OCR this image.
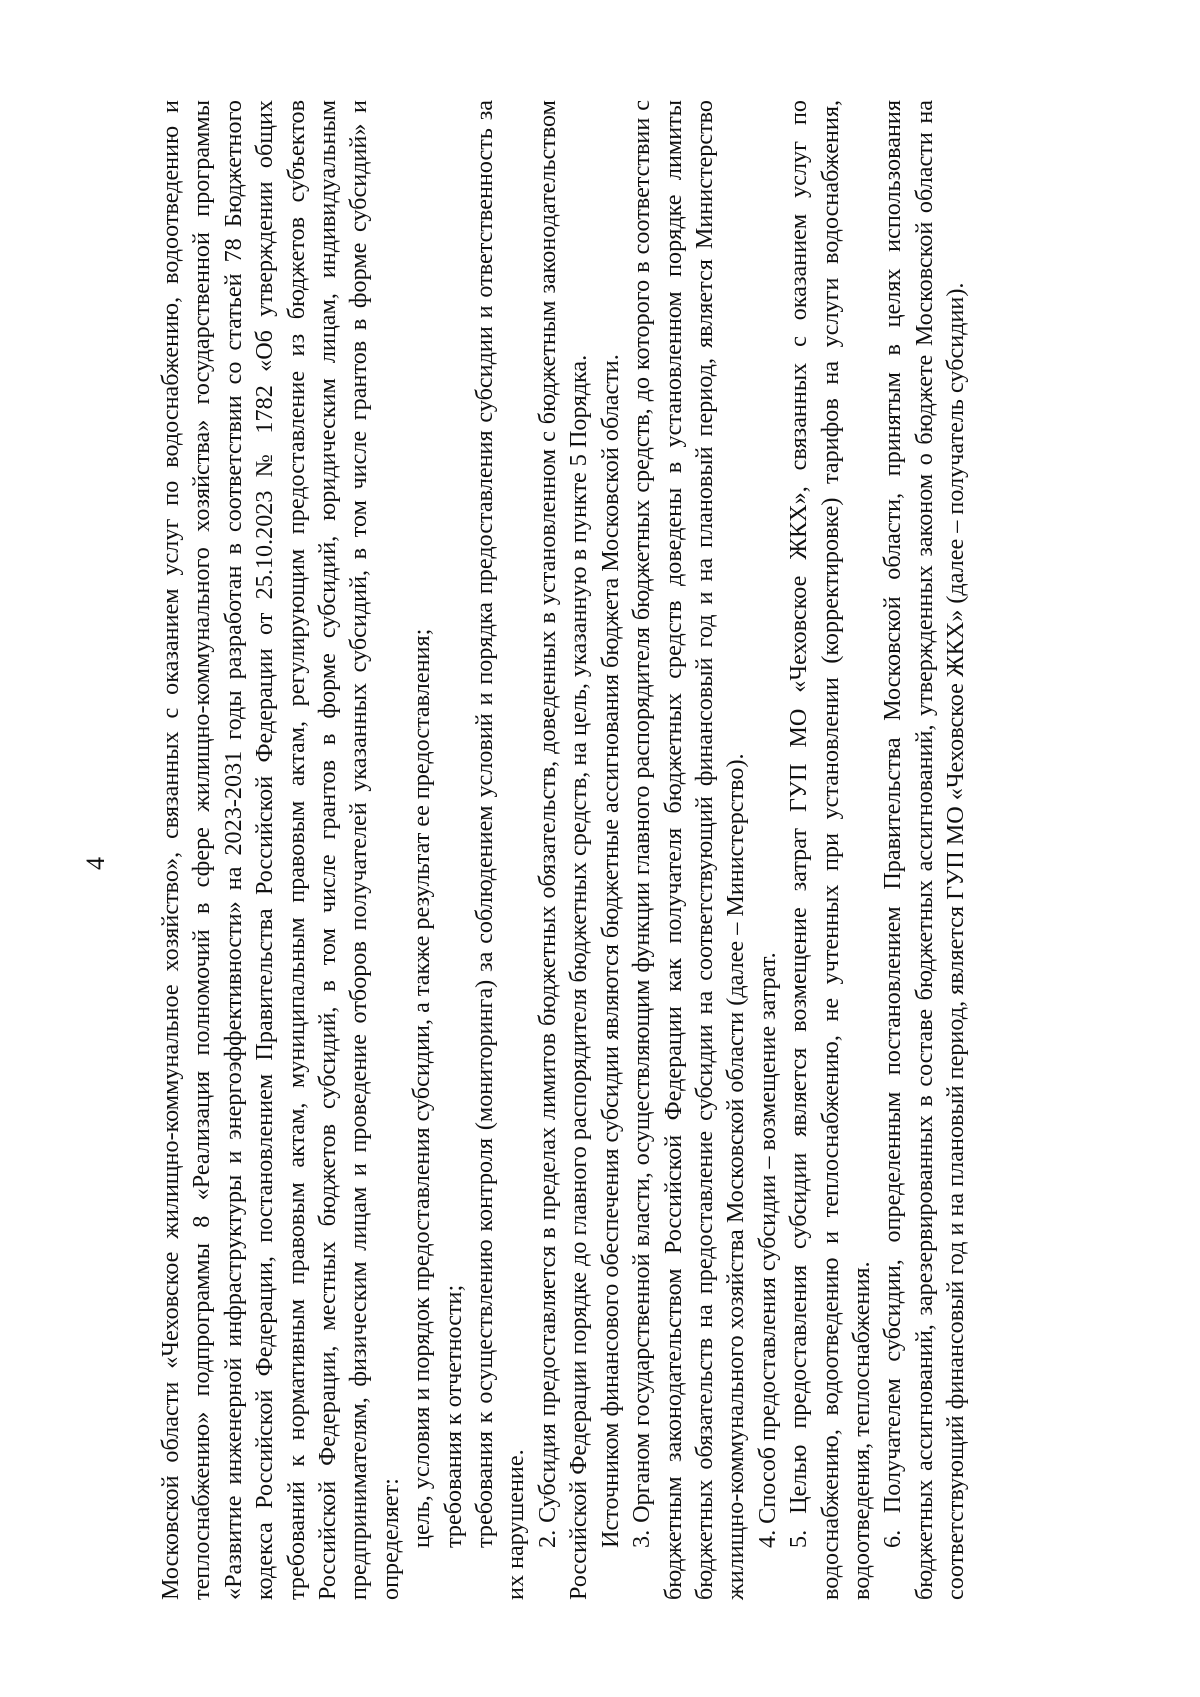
4 Московской области «Чеховское жилищно-коммунальное хозяйство», связанных с оказанием услуг по водоснабжению, водоотведению и теплоснабжению» подпрограммы 8 «Реализация полномочий в сфере жилищно-коммунального хозяйства» государственной программы «Развитие инженерной инфраструктуры и энергоэффективности» на 2023-2031 годы разработан в соответствии со статьей 78 Бюджетного кодекса Российской Федерации, постановлением Правительства Российской Федерации от 25.10.2023 № 1782 «Об утверждении общих требований к нормативным правовым актам, муниципальным правовым актам, регулирующим предоставление из бюджетов субъектов Российской Федерации, местных бюджетов субсидий, в том числе грантов в форме субсидий, юридическим лицам, индивидуальным предпринимателям, физическим лицам и проведение отборов получателей указанных субсидий, в том числе грантов в форме субсидий» и определяет: цель, условия и порядок предоставления субсидии, а также результат ее предоставления; требования к отчетности; требования к осуществлению контроля (мониторинга) за соблюдением условий и порядка предоставления субсидии и ответственность за их нарушение. 2. Субсидия предоставляется в пределах лимитов бюджетных обязательств, доведенных в установленном с бюджетным законодательством Российской Федерации порядке до главного распорядителя бюджетных средств, на цель, указанную в пункте 5 Порядка. Источником финансового обеспечения субсидии являются бюджетные ассигнования бюджета Московской области. 3. Органом государственной власти, осуществляющим функции главного распорядителя бюджетных средств, до которого в соответствии с бюджетным законодательством Российской Федерации как получателя бюджетных средств доведены в установленном порядке лимиты бюджетных обязательств на предоставление субсидии на соответствующий финансовый год и на плановый период, является Министерство жилищно-коммунального хозяйства Московской области (далее – Министерство). 4. Способ предоставления субсидии – возмещение затрат. 5. Целью предоставления субсидии является возмещение затрат ГУП МО «Чеховское ЖКХ», связанных с оказанием услуг по водоснабжению, водоотведению и теплоснабжению, не учтенных при установлении (корректировке) тарифов на услуги водоснабжения, водоотведения, теплоснабжения. 6. Получателем субсидии, определенным постановлением Правительства Московской области, принятым в целях использования бюджетных ассигнований, зарезервированных в составе бюджетных ассигнований, утвержденных законом о бюджете Московской области на соответствующий финансовый год и на плановый период, является ГУП МО «Чеховское ЖКХ» (далее – получатель субсидии).
